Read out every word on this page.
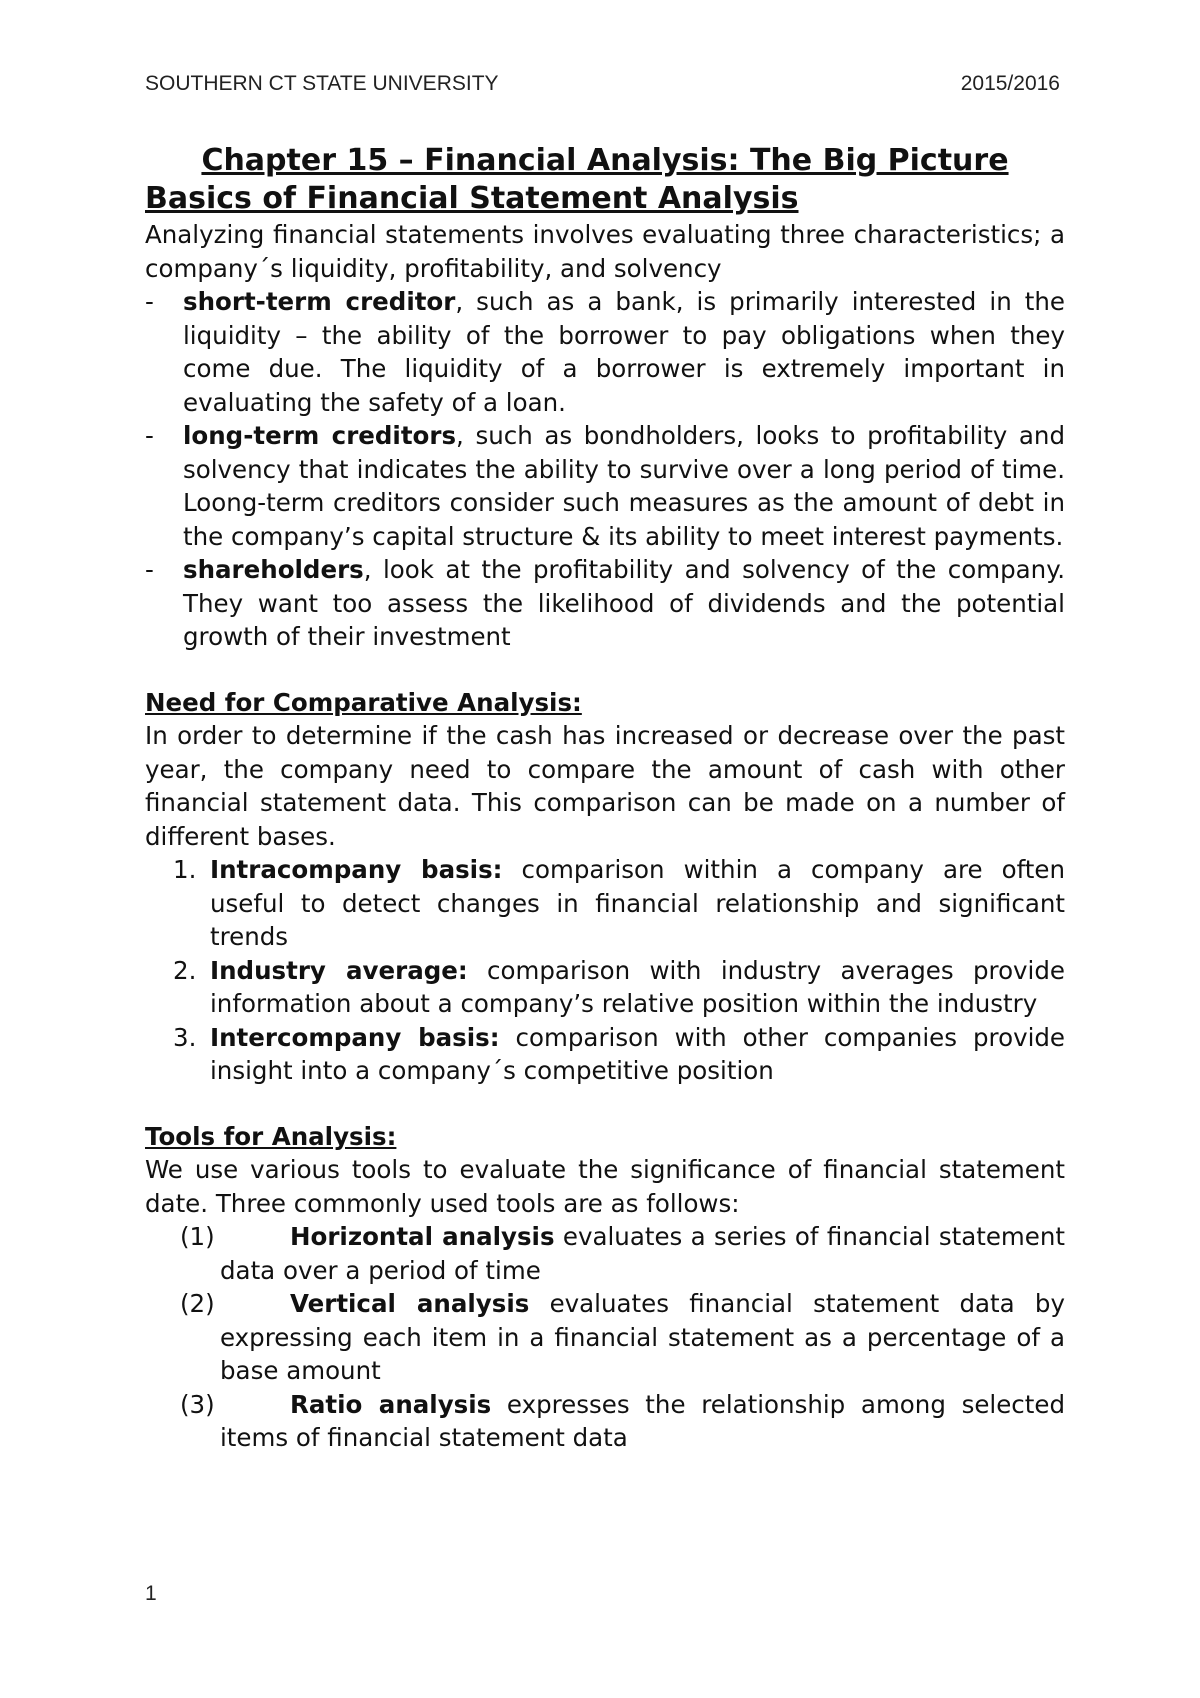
SOUTHERN CT STATE UNIVERSITY	2015/2016
Chapter 15 – Financial Analysis: The Big Picture
Basics of Financial Statement Analysis

Analyzing financial statements involves evaluating three characteristics; a company´s liquidity, profitability, and solvency

- short-term creditor, such as a bank, is primarily interested in the liquidity – the ability of the borrower to pay obligations when they come due. The liquidity of a borrower is extremely important in evaluating the safety of a loan.
- long-term creditors, such as bondholders, looks to profitability and solvency that indicates the ability to survive over a long period of time. Loong-term creditors consider such measures as the amount of debt in the company’s capital structure & its ability to meet interest payments.
- shareholders, look at the profitability and solvency of the company. They want too assess the likelihood of dividends and the potential growth of their investment

Need for Comparative Analysis:

In order to determine if the cash has increased or decrease over the past year, the company need to compare the amount of cash with other financial statement data. This comparison can be made on a number of different bases.

1. Intracompany basis: comparison within a company are often useful to detect changes in financial relationship and significant trends
2. Industry average: comparison with industry averages provide information about a company’s relative position within the industry
3. Intercompany basis: comparison with other companies provide insight into a company´s competitive position

Tools for Analysis:

We use various tools to evaluate the significance of financial statement date. Three commonly used tools are as follows:

(1)	Horizontal analysis evaluates a series of financial statement data over a period of time
(2)	Vertical analysis evaluates financial statement data by expressing each item in a financial statement as a percentage of a base amount
(3)	Ratio analysis expresses the relationship among selected items of financial statement data
1
